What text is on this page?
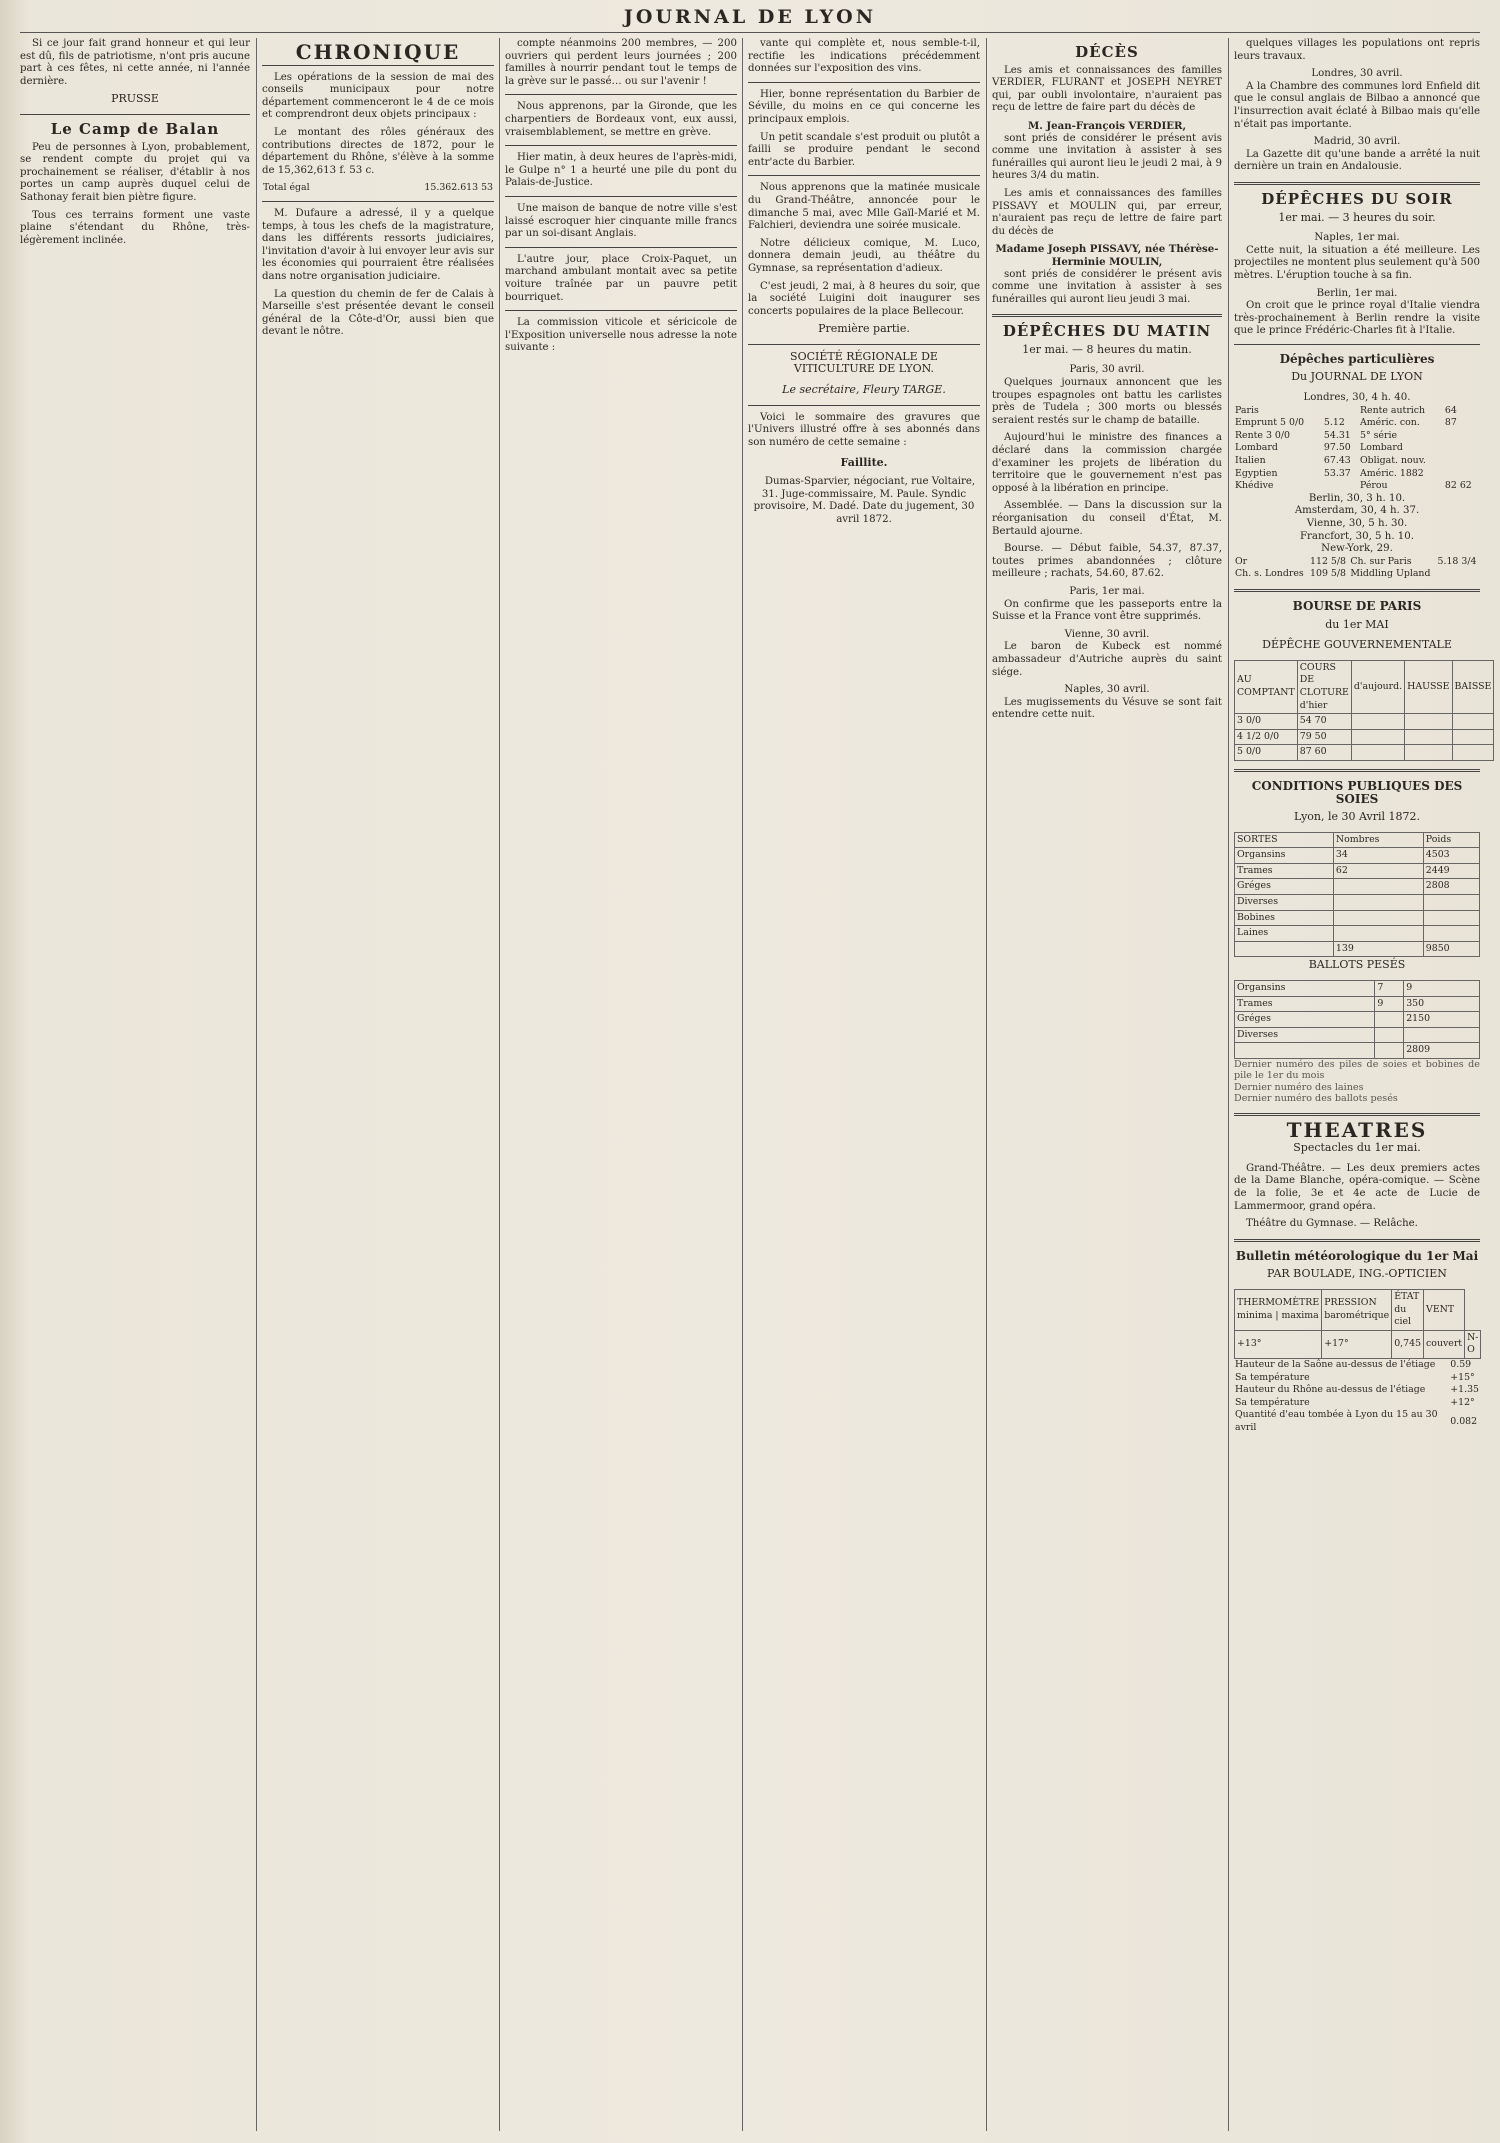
JOURNAL DE LYON

Si ce jour fait grand honneur et qui leur est dû, fils de patriotisme, n'ont pris aucune part à ces fêtes, ni cette année, ni l'année dernière.

PRUSSE
Le Camp de Balan

Peu de personnes à Lyon, probablement, se rendent compte du projet qui va prochainement se réaliser, d'établir à nos portes un camp auprès duquel celui de Sathonay ferait bien piètre figure.

Tous ces terrains forment une vaste plaine s'étendant du Rhône, très-légèrement inclinée.

CHRONIQUE

Les opérations de la session de mai des conseils municipaux pour notre département commenceront le 4 de ce mois et comprendront deux objets principaux :

Le montant des rôles généraux des contributions directes de 1872, pour le département du Rhône, s'élève à la somme de 15,362,613 f. 53 c.

Total égal	15.362.613 53

M. Dufaure a adressé, il y a quelque temps, à tous les chefs de la magistrature, dans les différents ressorts judiciaires, l'invitation d'avoir à lui envoyer leur avis sur les économies qui pourraient être réalisées dans notre organisation judiciaire.

La question du chemin de fer de Calais à Marseille s'est présentée devant le conseil général de la Côte-d'Or, aussi bien que devant le nôtre.

compte néanmoins 200 membres, — 200 ouvriers qui perdent leurs journées ; 200 familles à nourrir pendant tout le temps de la grève sur le passé… ou sur l'avenir !

Nous apprenons, par la Gironde, que les charpentiers de Bordeaux vont, eux aussi, vraisemblablement, se mettre en grève.

Hier matin, à deux heures de l'après-midi, le Gulpe n° 1 a heurté une pile du pont du Palais-de-Justice.

Une maison de banque de notre ville s'est laissé escroquer hier cinquante mille francs par un soi-disant Anglais.

L'autre jour, place Croix-Paquet, un marchand ambulant montait avec sa petite voiture traînée par un pauvre petit bourriquet.

La commission viticole et séricicole de l'Exposition universelle nous adresse la note suivante :

vante qui complète et, nous semble-t-il, rectifie les indications précédemment données sur l'exposition des vins.

Hier, bonne représentation du Barbier de Séville, du moins en ce qui concerne les principaux emplois.

Un petit scandale s'est produit ou plutôt a failli se produire pendant le second entr'acte du Barbier.

Nous apprenons que la matinée musicale du Grand-Théâtre, annoncée pour le dimanche 5 mai, avec Mlle Gaïl-Marié et M. Falchieri, deviendra une soirée musicale.

Notre délicieux comique, M. Luco, donnera demain jeudi, au théâtre du Gymnase, sa représentation d'adieux.

C'est jeudi, 2 mai, à 8 heures du soir, que la société Luigini doit inaugurer ses concerts populaires de la place Bellecour.

Première partie.
SOCIÉTÉ RÉGIONALE DE VITICULTURE DE LYON.
Le secrétaire, Fleury TARGE.

Voici le sommaire des gravures que l'Univers illustré offre à ses abonnés dans son numéro de cette semaine :

Faillite.

Dumas-Sparvier, négociant, rue Voltaire, 31. Juge-commissaire, M. Paule. Syndic provisoire, M. Dadé. Date du jugement, 30 avril 1872.

DÉCÈS

Les amis et connaissances des familles VERDIER, FLURANT et JOSEPH NEYRET qui, par oubli involontaire, n'auraient pas reçu de lettre de faire part du décès de

M. Jean-François VERDIER,

sont priés de considérer le présent avis comme une invitation à assister à ses funérailles qui auront lieu le jeudi 2 mai, à 9 heures 3/4 du matin.

Les amis et connaissances des familles PISSAVY et MOULIN qui, par erreur, n'auraient pas reçu de lettre de faire part du décès de

Madame Joseph PISSAVY, née Thérèse-Herminie MOULIN,

sont priés de considérer le présent avis comme une invitation à assister à ses funérailles qui auront lieu jeudi 3 mai.

DÉPÊCHES DU MATIN
1er mai. — 8 heures du matin.
Paris, 30 avril.

Quelques journaux annoncent que les troupes espagnoles ont battu les carlistes près de Tudela ; 300 morts ou blessés seraient restés sur le champ de bataille.

Aujourd'hui le ministre des finances a déclaré dans la commission chargée d'examiner les projets de libération du territoire que le gouvernement n'est pas opposé à la libération en principe.

Assemblée. — Dans la discussion sur la réorganisation du conseil d'État, M. Bertauld ajourne.

Bourse. — Début faible, 54.37, 87.37, toutes primes abandonnées ; clôture meilleure ; rachats, 54.60, 87.62.

Paris, 1er mai.

On confirme que les passeports entre la Suisse et la France vont être supprimés.

Vienne, 30 avril.

Le baron de Kubeck est nommé ambassadeur d'Autriche auprès du saint siége.

Naples, 30 avril.

Les mugissements du Vésuve se sont fait entendre cette nuit.

quelques villages les populations ont repris leurs travaux.

Londres, 30 avril.

A la Chambre des communes lord Enfield dit que le consul anglais de Bilbao a annoncé que l'insurrection avait éclaté à Bilbao mais qu'elle n'était pas importante.

Madrid, 30 avril.

La Gazette dit qu'une bande a arrêté la nuit dernière un train en Andalousie.

DÉPÊCHES DU SOIR
1er mai. — 3 heures du soir.
Naples, 1er mai.

Cette nuit, la situation a été meilleure. Les projectiles ne montent plus seulement qu'à 500 mètres. L'éruption touche à sa fin.

Berlin, 1er mai.

On croit que le prince royal d'Italie viendra très-prochainement à Berlin rendre la visite que le prince Frédéric-Charles fit à l'Italie.

Dépêches particulières
Du JOURNAL DE LYON
Londres, 30, 4 h. 40.
Paris		Rente autrich	64
Emprunt 5 0/0	5.12	Améric. con.	87
Rente 3 0/0	54.31	5° série	
Lombard	97.50	Lombard	
Italien	67.43	Obligat. nouv.	
Egyptien	53.37	Améric. 1882	
Khédive		Pérou	82 62
Berlin, 30, 3 h. 10.
Amsterdam, 30, 4 h. 37.
Vienne, 30, 5 h. 30.
Francfort, 30, 5 h. 10.
New-York, 29.
Or	112 5/8	Ch. sur Paris	5.18 3/4
Ch. s. Londres	109 5/8	Middling Upland	
BOURSE DE PARIS
du 1er MAI
DÉPÊCHE GOUVERNEMENTALE
AU COMPTANT	COURS DE CLOTURE d'hier	d'aujourd.	HAUSSE	BAISSE
3 0/0	54 70			
4 1/2 0/0	79 50			
5 0/0	87 60			
CONDITIONS PUBLIQUES DES SOIES
Lyon, le 30 Avril 1872.
SORTES	Nombres	Poids
Organsins	34	4503
Trames	62	2449
Gréges		2808
Diverses		
Bobines		
Laines		
	139	9850
BALLOTS PESÉS
Organsins	7	9
Trames	9	350
Gréges		2150
Diverses		
		2809
Dernier numéro des piles de soies et bobines de pile le 1er du mois
Dernier numéro des laines
Dernier numéro des ballots pesés
THEATRES
Spectacles du 1er mai.

Grand-Théâtre. — Les deux premiers actes de la Dame Blanche, opéra-comique. — Scène de la folie, 3e et 4e acte de Lucie de Lammermoor, grand opéra.

Théâtre du Gymnase. — Relâche.

Bulletin météorologique du 1er Mai
PAR BOULADE, ING.-OPTICIEN
THERMOMÈTRE minima | maxima	PRESSION barométrique	ÉTAT du ciel	VENT	
+13°	+17°	0,745	couvert	N-O
Hauteur de la Saône au-dessus de l'étiage	0.59
Sa température	+15°
Hauteur du Rhône au-dessus de l'étiage	+1.35
Sa température	+12°
Quantité d'eau tombée à Lyon du 15 au 30 avril	0.082
